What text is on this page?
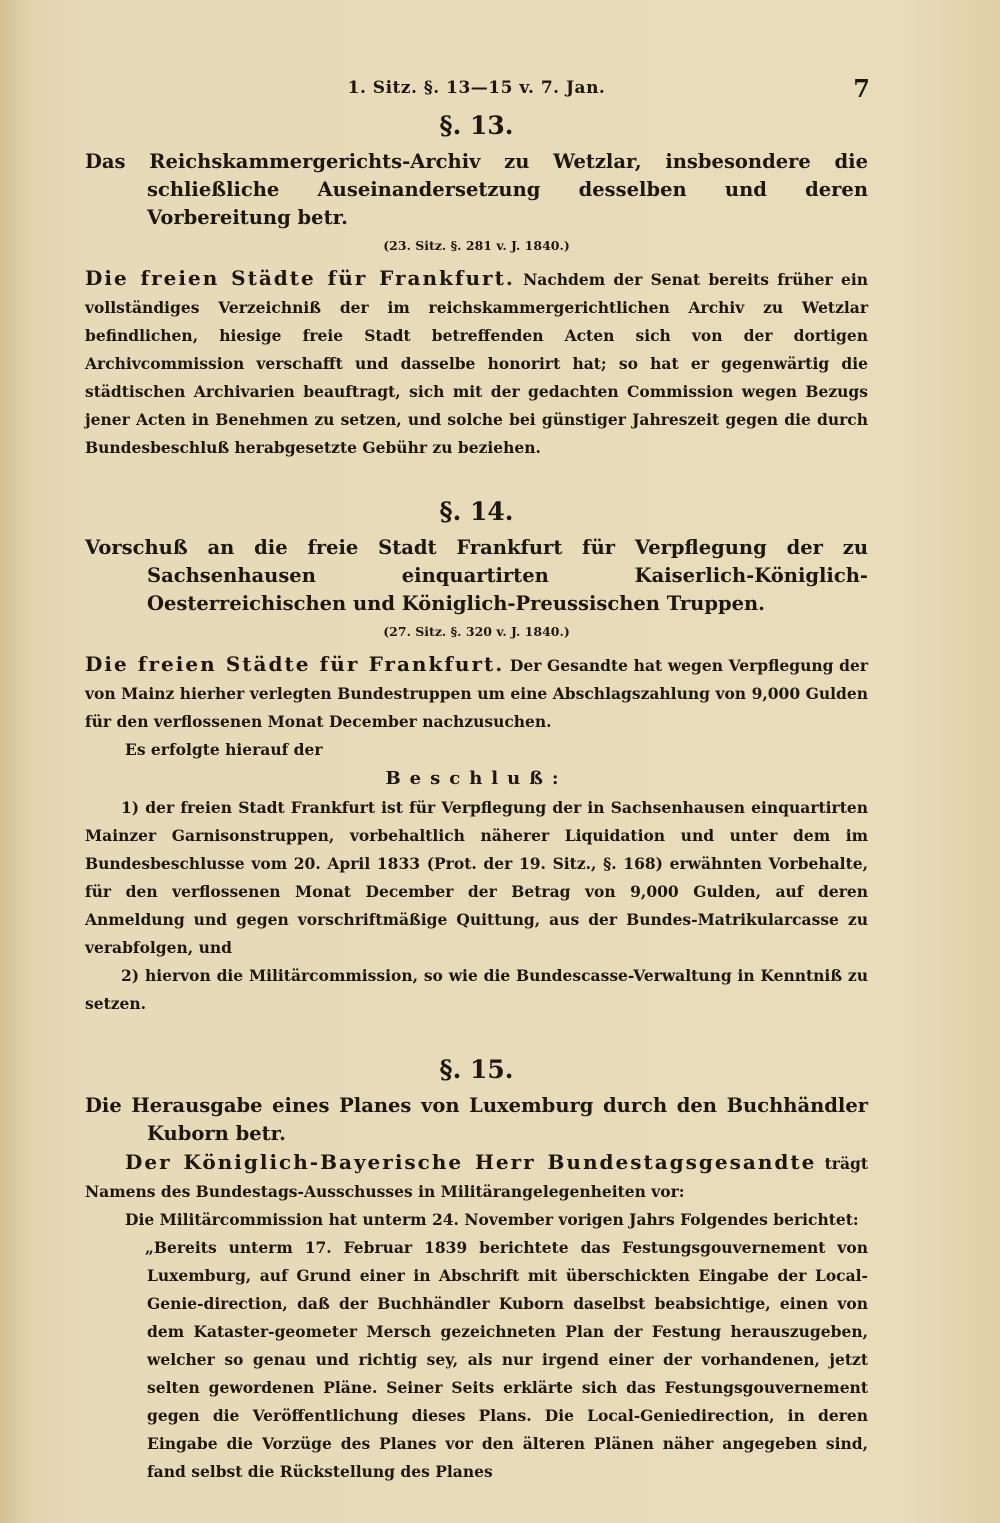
1. Sitz. §. 13—15 v. 7. Jan.	7
§. 13.
Das Reichskammergerichts-Archiv zu Wetzlar, insbesondere die schließliche Auseinandersetzung desselben und deren Vorbereitung betr.
(23. Sitz. §. 281 v. J. 1840.)

Die freien Städte für Frankfurt. Nachdem der Senat bereits früher ein vollständiges Verzeichniß der im reichskammergerichtlichen Archiv zu Wetzlar befindlichen, hiesige freie Stadt betreffenden Acten sich von der dortigen Archivcommission verschafft und dasselbe honorirt hat; so hat er gegenwärtig die städtischen Archivarien beauftragt, sich mit der gedachten Commission wegen Bezugs jener Acten in Benehmen zu setzen, und solche bei günstiger Jahreszeit gegen die durch Bundesbeschluß herabgesetzte Gebühr zu beziehen.

§. 14.
Vorschuß an die freie Stadt Frankfurt für Verpflegung der zu Sachsenhausen einquartirten Kaiserlich-Königlich-Oesterreichischen und Königlich-Preussischen Truppen.
(27. Sitz. §. 320 v. J. 1840.)

Die freien Städte für Frankfurt. Der Gesandte hat wegen Verpflegung der von Mainz hierher verlegten Bundestruppen um eine Abschlagszahlung von 9,000 Gulden für den verflossenen Monat December nachzusuchen.

Es erfolgte hierauf der

Beschluß:

1) der freien Stadt Frankfurt ist für Verpflegung der in Sachsenhausen einquartirten Mainzer Garnisonstruppen, vorbehaltlich näherer Liquidation und unter dem im Bundesbeschlusse vom 20. April 1833 (Prot. der 19. Sitz., §. 168) erwähnten Vorbehalte, für den verflossenen Monat December der Betrag von 9,000 Gulden, auf deren Anmeldung und gegen vorschriftmäßige Quittung, aus der Bundes-Matrikularcasse zu verabfolgen, und

2) hiervon die Militärcommission, so wie die Bundescasse-Verwaltung in Kenntniß zu setzen.

§. 15.
Die Herausgabe eines Planes von Luxemburg durch den Buchhändler Kuborn betr.

Der Königlich-Bayerische Herr Bundestagsgesandte trägt Namens des Bundestags-Ausschusses in Militärangelegenheiten vor:

Die Militärcommission hat unterm 24. November vorigen Jahrs Folgendes berichtet:

„Bereits unterm 17. Februar 1839 berichtete das Festungsgouvernement von Luxemburg, auf Grund einer in Abschrift mit überschickten Eingabe der Local-Genie-direction, daß der Buchhändler Kuborn daselbst beabsichtige, einen von dem Kataster-geometer Mersch gezeichneten Plan der Festung herauszugeben, welcher so genau und richtig sey, als nur irgend einer der vorhandenen, jetzt selten gewordenen Pläne. Seiner Seits erklärte sich das Festungsgouvernement gegen die Veröffentlichung dieses Plans. Die Local-Geniedirection, in deren Eingabe die Vorzüge des Planes vor den älteren Plänen näher angegeben sind, fand selbst die Rückstellung des Planes
